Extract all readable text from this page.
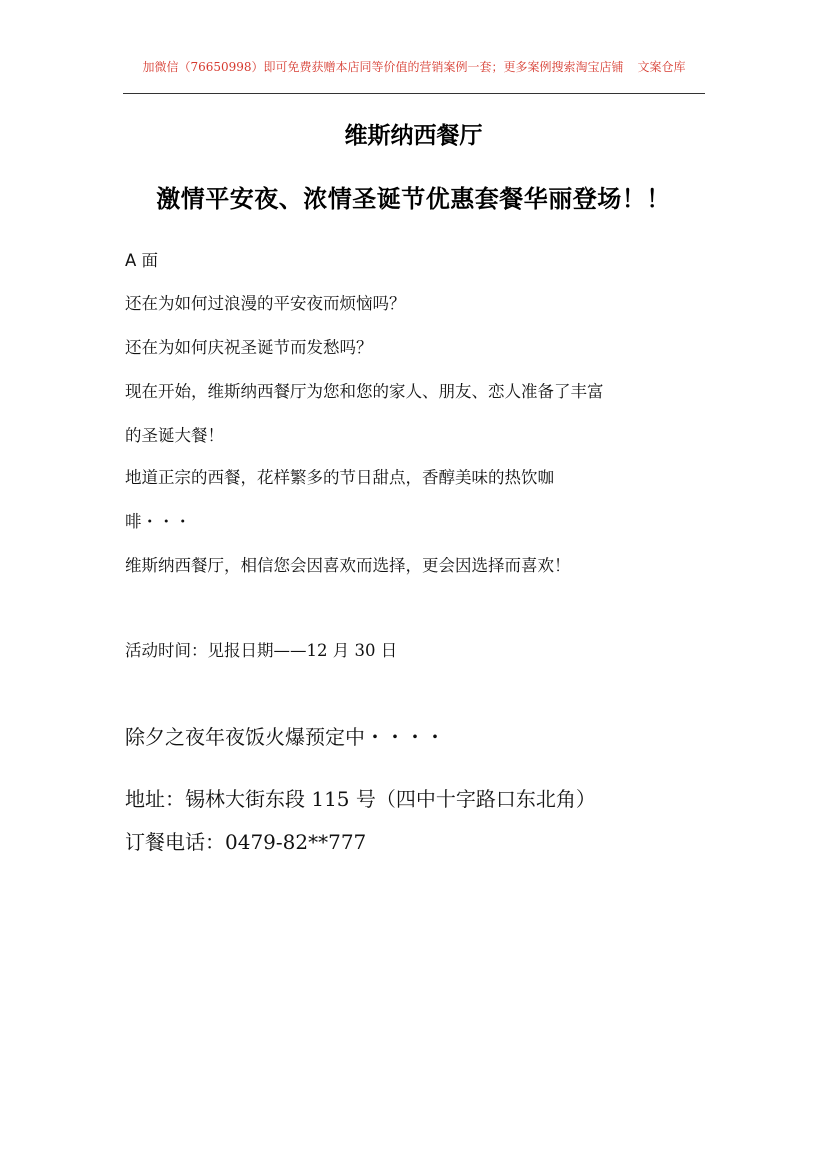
加微信（76650998）即可免费获赠本店同等价值的营销案例一套；更多案例搜索淘宝店铺 文案仓库
维斯纳西餐厅
激情平安夜、浓情圣诞节优惠套餐华丽登场！！
A 面
还在为如何过浪漫的平安夜而烦恼吗？
还在为如何庆祝圣诞节而发愁吗？
现在开始，维斯纳西餐厅为您和您的家人、朋友、恋人准备了丰富
的圣诞大餐！
地道正宗的西餐，花样繁多的节日甜点，香醇美味的热饮咖
啡・・・
维斯纳西餐厅，相信您会因喜欢而选择，更会因选择而喜欢！
活动时间：见报日期——12 月 30 日
除夕之夜年夜饭火爆预定中・・・・
地址：锡林大街东段 115 号（四中十字路口东北角）
订餐电话：0479-82**777
